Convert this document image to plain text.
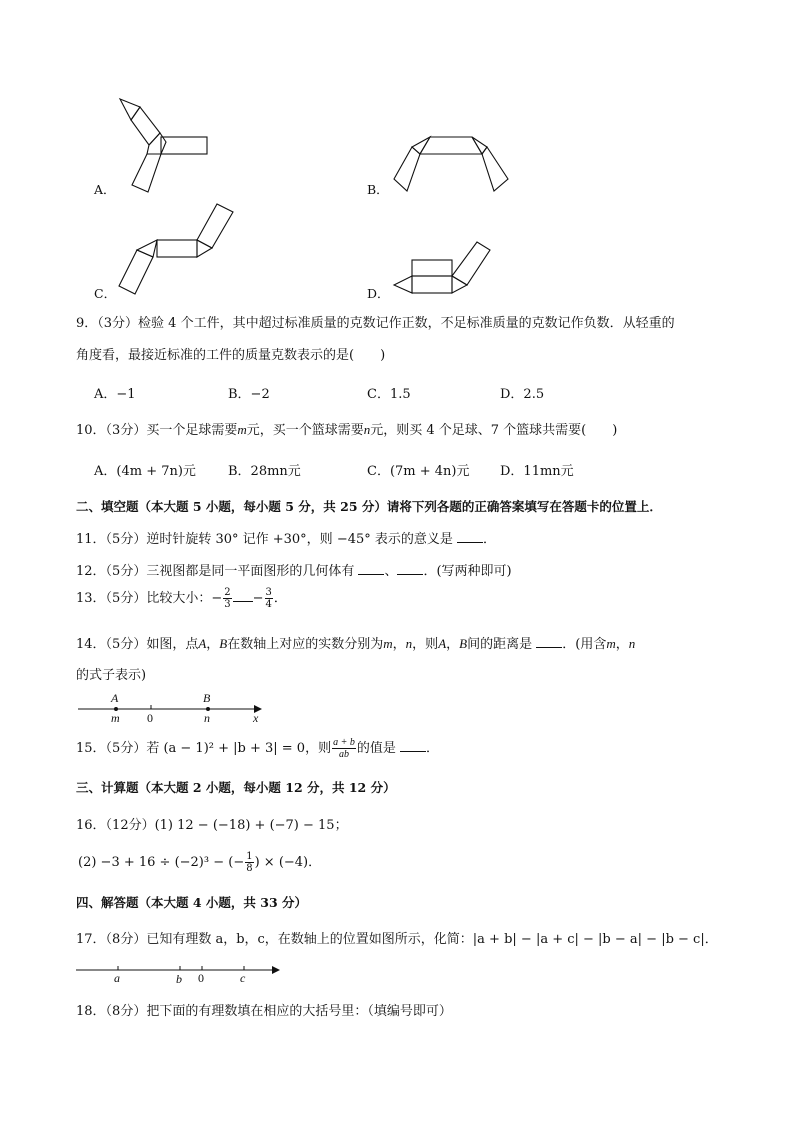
A．	B．
C．	D．
9．（3分）检验 4 个工件，其中超过标准质量的克数记作正数，不足标准质量的克数记作负数．从轻重的
角度看，最接近标准的工件的质量克数表示的是(　　)
A．−1	B．−2	C．1.5	D．2.5
10．（3分）买一个足球需要m元，买一个篮球需要n元，则买 4 个足球、7 个篮球共需要(　　)
A．(4m + 7n)元 B．28mn元	C．(7m + 4n)元 D．11mn元
二、填空题（本大题 5 小题，每小题 5 分，共 25 分）请将下列各题的正确答案填写在答题卡的位置上．
11．（5分）逆时针旋转 30° 记作 +30°，则 −45° 表示的意义是 ．
12．（5分）三视图都是同一平面图形的几何体有 、 ．(写两种即可)
13．（5分）比较大小：− $\frac{2}{3} - \frac{3}{4}$ ．
14．（5分）如图，点A，B在数轴上对应的实数分别为m，n，则A，B间的距离是 ．(用含m，n
的式子表示)
A	B
m 0	n	x
15．（5分）若 (a − 1)² + |b + 3| = 0，则 $\frac{a + b}{ab}$ 的值是 ．
三、计算题（本大题 2 小题，每小题 12 分，共 12 分）
16．（12分）(1) 12 − (−18) + (−7) − 15；
(2) −3 + 16 ÷ (−2)³ − (− $\frac{1}{8}$ ) × (−4)．
四、解答题（本大题 4 小题，共 33 分）
17．（8分）已知有理数 a，b，c，在数轴上的位置如图所示，化简：|a + b| − |a + c| − |b − a| − |b − c|．
a	b 0	c
18．（8分）把下面的有理数填在相应的大括号里：（填编号即可）
